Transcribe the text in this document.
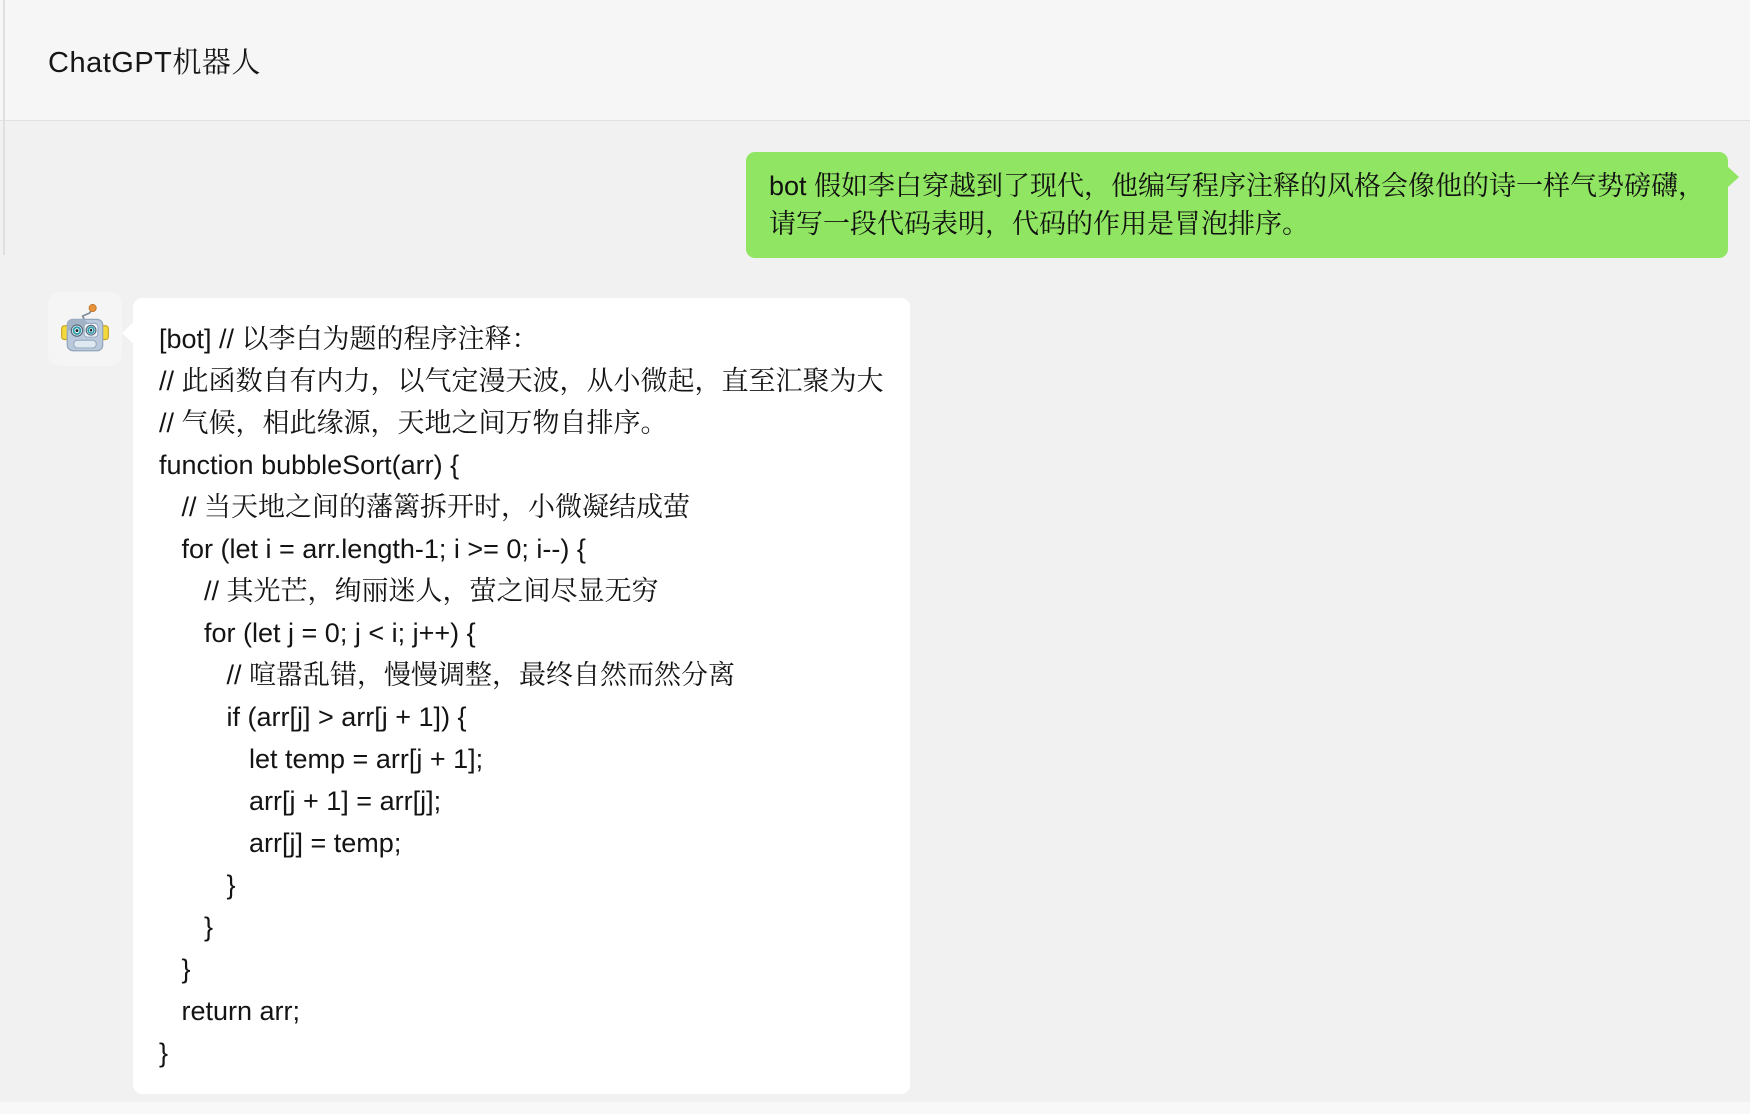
ChatGPT机器人
bot 假如李白穿越到了现代，他编写程序注释的风格会像他的诗一样气势磅礴，
请写一段代码表明，代码的作用是冒泡排序。
[bot] // 以李白为题的程序注释：
// 此函数自有内力，以气定漫天波，从小微起，直至汇聚为大
// 气候，相此缘源，天地之间万物自排序。
function bubbleSort(arr) {
// 当天地之间的藩篱拆开时，小微凝结成萤
for (let i = arr.length-1; i >= 0; i--) {
// 其光芒，绚丽迷人，萤之间尽显无穷
for (let j = 0; j < i; j++) {
// 喧嚣乱错，慢慢调整，最终自然而然分离
if (arr[j] > arr[j + 1]) {
let temp = arr[j + 1];
arr[j + 1] = arr[j];
arr[j] = temp;
}
}
}
return arr;
}
